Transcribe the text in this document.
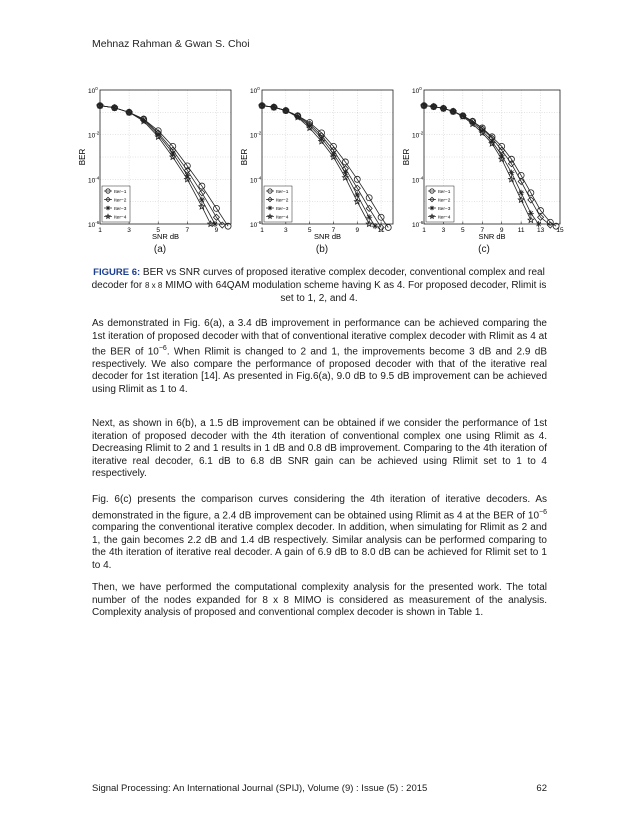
Mehnaz Rahman & Gwan S. Choi
1	3	5	7	9
$10^0$
$10^{-2}$
$10^{-4}$
$10^{-6}$
SNR dB
BER
Iter−1
Iter−2
Iter−3
Iter−4
1	3	5	7	9	11
$10^0$
$10^{-2}$
$10^{-4}$
$10^{-6}$
SNR dB
BER
Iter−1
Iter−2
Iter−3
Iter−4
1 3 5 7 9 11 13 15
$10^0$
$10^{-2}$
$10^{-4}$
$10^{-6}$
SNR dB
BER
Iter−1
Iter−2
Iter−3
Iter−4
(a)	(b)	(c)
FIGURE 6: BER vs SNR curves of proposed iterative complex decoder, conventional complex and real decoder for 8 x 8 MIMO with 64QAM modulation scheme having K as 4. For proposed decoder, Rlimit is set to 1, 2, and 4.

As demonstrated in Fig. 6(a), a 3.4 dB improvement in performance can be achieved comparing the 1st iteration of proposed decoder with that of conventional iterative complex decoder with Rlimit as 4 at the BER of $10^{-6}$. When Rlimit is changed to 2 and 1, the improvements become 3 dB and 2.9 dB respectively. We also compare the performance of proposed decoder with that of the iterative real decoder for 1st iteration [14]. As presented in Fig.6(a), 9.0 dB to 9.5 dB improvement can be achieved using Rlimit as 1 to 4.

Next, as shown in 6(b), a 1.5 dB improvement can be obtained if we consider the performance of 1st iteration of proposed decoder with the 4th iteration of conventional complex one using Rlimit as 4. Decreasing Rlimit to 2 and 1 results in 1 dB and 0.8 dB improvement. Comparing to the 4th iteration of iterative real decoder, 6.1 dB to 6.8 dB SNR gain can be achieved using Rlimit set to 1 to 4 respectively.

Fig. 6(c) presents the comparison curves considering the 4th iteration of iterative decoders. As demonstrated in the figure, a 2.4 dB improvement can be obtained using Rlimit as 4 at the BER of $10^{-6}$ comparing the conventional iterative complex decoder. In addition, when simulating for Rlimit as 2 and 1, the gain becomes 2.2 dB and 1.4 dB respectively. Similar analysis can be performed comparing to the 4th iteration of iterative real decoder. A gain of 6.9 dB to 8.0 dB can be achieved for Rlimit set to 1 to 4.

Then, we have performed the computational complexity analysis for the presented work. The total number of the nodes expanded for 8 x 8 MIMO is considered as measurement of the analysis. Complexity analysis of proposed and conventional complex decoder is shown in Table 1.

Signal Processing: An International Journal (SPIJ), Volume (9) : Issue (5) : 2015	62
